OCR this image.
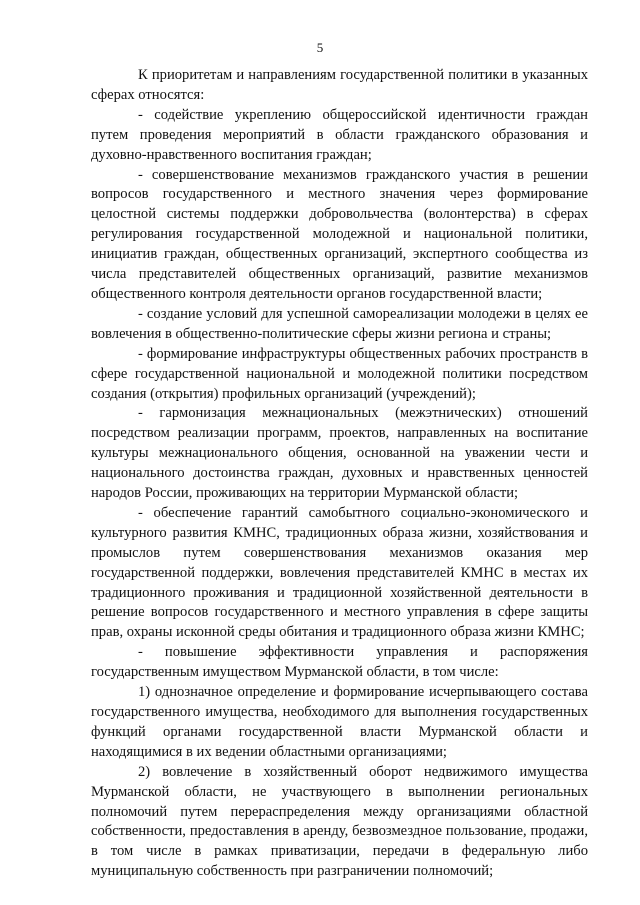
5

К приоритетам и направлениям государственной политики в указанных сферах относятся:

- содействие укреплению общероссийской идентичности граждан путем проведения мероприятий в области гражданского образования и духовно-нравственного воспитания граждан;

- совершенствование механизмов гражданского участия в решении вопросов государственного и местного значения через формирование целостной системы поддержки добровольчества (волонтерства) в сферах регулирования государственной молодежной и национальной политики, инициатив граждан, общественных организаций, экспертного сообщества из числа представителей общественных организаций, развитие механизмов общественного контроля деятельности органов государственной власти;

- создание условий для успешной самореализации молодежи в целях ее вовлечения в общественно-политические сферы жизни региона и страны;

- формирование инфраструктуры общественных рабочих пространств в сфере государственной национальной и молодежной политики посредством создания (открытия) профильных организаций (учреждений);

- гармонизация межнациональных (межэтнических) отношений посредством реализации программ, проектов, направленных на воспитание культуры межнационального общения, основанной на уважении чести и национального достоинства граждан, духовных и нравственных ценностей народов России, проживающих на территории Мурманской области;

- обеспечение гарантий самобытного социально-экономического и культурного развития КМНС, традиционных образа жизни, хозяйствования и промыслов путем совершенствования механизмов оказания мер государственной поддержки, вовлечения представителей КМНС в местах их традиционного проживания и традиционной хозяйственной деятельности в решение вопросов государственного и местного управления в сфере защиты прав, охраны исконной среды обитания и традиционного образа жизни КМНС;

- повышение эффективности управления и распоряжения государственным имуществом Мурманской области, в том числе:

1) однозначное определение и формирование исчерпывающего состава государственного имущества, необходимого для выполнения государственных функций органами государственной власти Мурманской области и находящимися в их ведении областными организациями;

2) вовлечение в хозяйственный оборот недвижимого имущества Мурманской области, не участвующего в выполнении региональных полномочий путем перераспределения между организациями областной собственности, предоставления в аренду, безвозмездное пользование, продажи, в том числе в рамках приватизации, передачи в федеральную либо муниципальную собственность при разграничении полномочий;
